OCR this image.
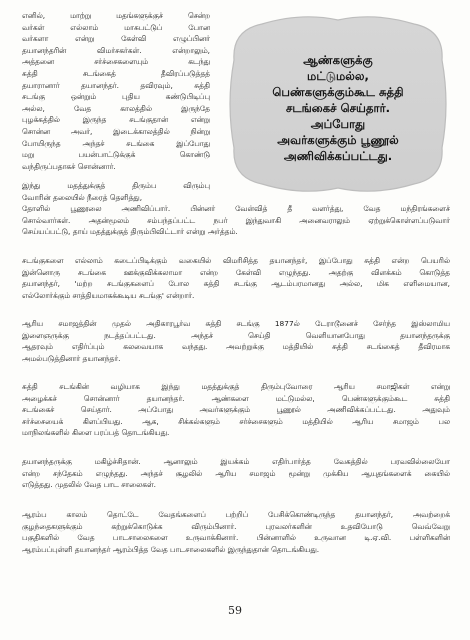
ஆண்களுக்கு
மட்டுமல்ல,
பெண்களுக்கும்கூட சுத்தி
சடங்கைச் செய்தார்.
அப்போது
அவர்களுக்கும் பூணூல்
அணிவிக்கப்பட்டது.

எனில், மாற்று மதங்களுக்குச் சென்ற
வர்கள் எல்லாம் மாசுபட்டுப் போன
வர்களா என்று கேள்வி எழுப்பினர்
தயானந்தரின் விமர்சகர்கள். என்றாலும்,
அத்தனை சர்ச்சைகளையும் கடந்து
சுத்தி சடங்கைத் தீவிரப்படுத்தத்
தயாரானார் தயானந்தர். தவிரவும், சுத்தி
சடங்கு ஒன்றும் புதிய கண்டுபிடிப்பு
அல்ல, வேத காலத்தில் இருந்தே
புழக்கத்தில் இருந்த சடங்குதான் என்று
சொன்ன அவர், இடைக்காலத்தில் நின்று
போயிருந்த அந்தச் சடங்கை இப்போது
மறு பயன்பாட்டுக்குக் கொண்டு
வந்திருப்பதாகச் சொன்னார்.

இந்து மதத்துக்குத் திரும்ப விரும்பு
வோரின் தலையில் நீரைத் தெளித்து,

தோளில் பூணூலை அணிவிப்பார். பின்னர் வேள்வித் தீ வளர்த்து, வேத மந்திரங்களைச்
சொல்வார்கள். அதன்மூலம் சம்பந்தப்பட்ட நபர் இந்துவாகி அனைவராலும் ஏற்றுக்கொள்ளப்படுவார்
செய்யப்பட்டு, தாய் மதத்துக்குத் திரும்பிவிட்டார் என்று அர்த்தம்.

சடங்குகளை எல்லாம் கடைப்பிடிக்கும் வகையில் விமரிசித்த தயானந்தர், இப்போது சுத்தி என்ற பெயரில்
இன்னொரு சடங்கை ஊக்குவிக்கலாமா என்ற கேள்வி எழுந்தது. அதற்கு விளக்கம் கொடுத்த
தயானந்தர், 'மற்ற சடங்குகளைப் போல சுத்தி சடங்கு ஆடம்பரமானது அல்ல, மிக எளிமையான,
எல்லோர்க்கும் சாத்தியமாகக்கூடிய சடங்கு' என்றார்.

ஆரிய சமாஜத்தின் முதல் அதிகாரபூர்வ சுத்தி சடங்கு 1877ல் டேராடூனைச் சேர்ந்த இஸ்லாமிய
இளைஞருக்கு நடத்தப்பட்டது. அந்தச் செய்தி வெளியானபோது தயானந்தருக்கு
ஆதரவும் எதிர்ப்பும் கலவையாக வந்தது. அவற்றுக்கு மத்தியில் சுத்தி சடங்கைத் தீவிரமாக
அமல்படுத்தினார் தயானந்தர்.

சுத்தி சடங்கின் வழியாக இந்து மதத்துக்குத் திரும்புவோரை ஆரிய சமாஜிகள் என்று
அழைக்கச் சொன்னார் தயானந்தர். ஆண்களை மட்டுமல்ல, பெண்களுக்கும்கூட சுத்தி
சடங்கைச் செய்தார். அப்போது அவர்களுக்கும் பூணூல் அணிவிக்கப்பட்டது. அதுவும்
சர்ச்சையைக் கிளப்பியது. ஆக, சிக்கல்களும் சர்ச்சைகளும் மத்தியில் ஆரிய சமாஜம் பல
மாநிலங்களில் கிளை பரப்பத் தொடங்கியது.

தயானந்தருக்கு மகிழ்ச்சிதான். ஆனாலும் இயக்கம் எதிர்பார்த்த வேகத்தில் பரவவில்லையோ
என்ற சந்தேகம் எழுந்தது. அந்தச் சூழலில் ஆரிய சமாஜம் மூன்று முக்கிய ஆயுதங்களைக் கையில்
எடுத்தது. முதலில் வேத பாட சாலைகள்.

ஆரம்ப காலம் தொட்டே வேதங்களைப் பற்றிப் பேசிக்கொண்டிருந்த தயானந்தர், அவற்றைக்
குழந்தைகளுக்கும் கற்றுக்கொடுக்க விரும்பினார். புரவலர்களின் உதவியோடு வெவ்வேறு
பகுதிகளில் வேத பாடசாலைகளை உருவாக்கினார். பின்னாளில் உருவான டி.ஏ.வி. பள்ளிகளின்
ஆரம்பப்புள்ளி தயானந்தர் ஆரம்பித்த வேத பாடசாலைகளில் இருந்துதான் தொடங்கியது.

59
